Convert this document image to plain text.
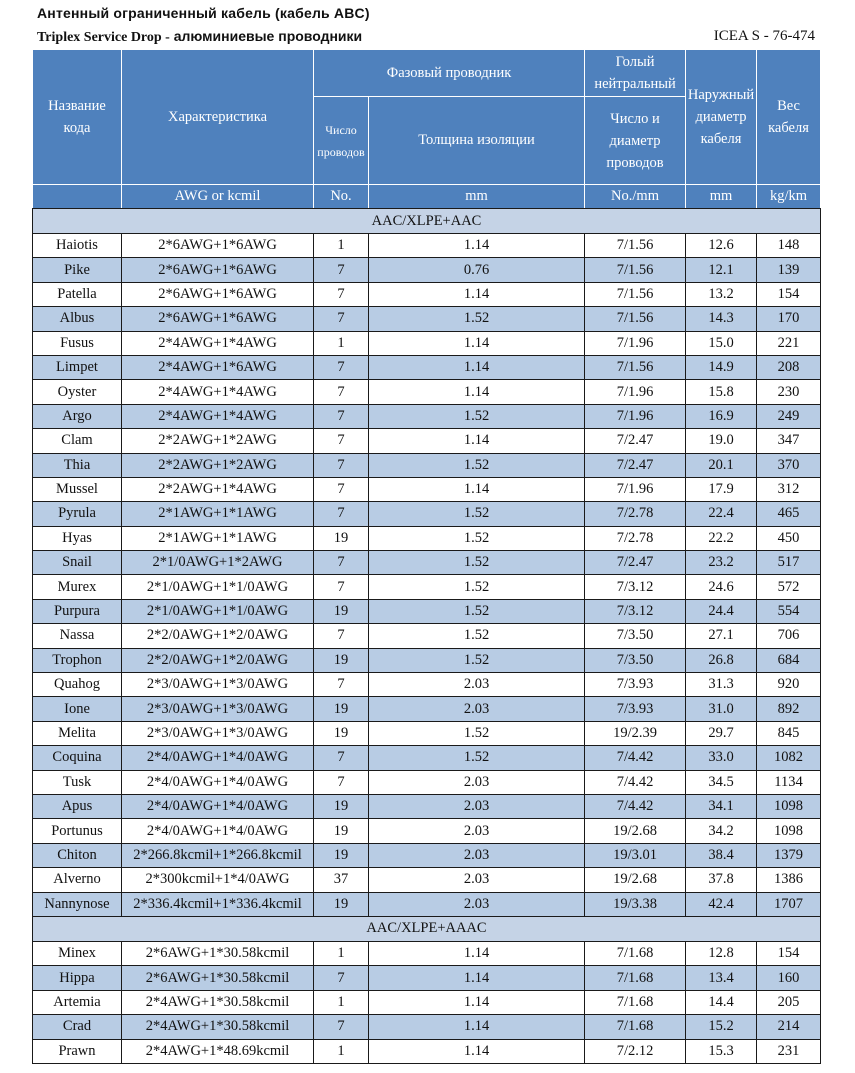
Антенный ограниченный кабель (кабель ABC)
Triplex Service Drop - алюминиевые проводники	ICEA S - 76-474
Название кода	Характеристика	Фазовый проводник		Голый нейтральный	Наружный диаметр кабеля	Вес кабеля
		Число проводов	Толщина изоляции	Число и диаметр проводов		
	AWG or kcmil	No.	mm	No./mm	mm	kg/km
AAC/XLPE+AAC						
Haiotis	2*6AWG+1*6AWG	1	1.14	7/1.56	12.6	148
Pike	2*6AWG+1*6AWG	7	0.76	7/1.56	12.1	139
Patella	2*6AWG+1*6AWG	7	1.14	7/1.56	13.2	154
Albus	2*6AWG+1*6AWG	7	1.52	7/1.56	14.3	170
Fusus	2*4AWG+1*4AWG	1	1.14	7/1.96	15.0	221
Limpet	2*4AWG+1*6AWG	7	1.14	7/1.56	14.9	208
Oyster	2*4AWG+1*4AWG	7	1.14	7/1.96	15.8	230
Argo	2*4AWG+1*4AWG	7	1.52	7/1.96	16.9	249
Clam	2*2AWG+1*2AWG	7	1.14	7/2.47	19.0	347
Thia	2*2AWG+1*2AWG	7	1.52	7/2.47	20.1	370
Mussel	2*2AWG+1*4AWG	7	1.14	7/1.96	17.9	312
Pyrula	2*1AWG+1*1AWG	7	1.52	7/2.78	22.4	465
Hyas	2*1AWG+1*1AWG	19	1.52	7/2.78	22.2	450
Snail	2*1/0AWG+1*2AWG	7	1.52	7/2.47	23.2	517
Murex	2*1/0AWG+1*1/0AWG	7	1.52	7/3.12	24.6	572
Purpura	2*1/0AWG+1*1/0AWG	19	1.52	7/3.12	24.4	554
Nassa	2*2/0AWG+1*2/0AWG	7	1.52	7/3.50	27.1	706
Trophon	2*2/0AWG+1*2/0AWG	19	1.52	7/3.50	26.8	684
Quahog	2*3/0AWG+1*3/0AWG	7	2.03	7/3.93	31.3	920
Ione	2*3/0AWG+1*3/0AWG	19	2.03	7/3.93	31.0	892
Melita	2*3/0AWG+1*3/0AWG	19	1.52	19/2.39	29.7	845
Coquina	2*4/0AWG+1*4/0AWG	7	1.52	7/4.42	33.0	1082
Tusk	2*4/0AWG+1*4/0AWG	7	2.03	7/4.42	34.5	1134
Apus	2*4/0AWG+1*4/0AWG	19	2.03	7/4.42	34.1	1098
Portunus	2*4/0AWG+1*4/0AWG	19	2.03	19/2.68	34.2	1098
Chiton	2*266.8kcmil+1*266.8kcmil	19	2.03	19/3.01	38.4	1379
Alverno	2*300kcmil+1*4/0AWG	37	2.03	19/2.68	37.8	1386
Nannynose	2*336.4kcmil+1*336.4kcmil	19	2.03	19/3.38	42.4	1707
AAC/XLPE+AAAC						
Minex	2*6AWG+1*30.58kcmil	1	1.14	7/1.68	12.8	154
Hippa	2*6AWG+1*30.58kcmil	7	1.14	7/1.68	13.4	160
Artemia	2*4AWG+1*30.58kcmil	1	1.14	7/1.68	14.4	205
Crad	2*4AWG+1*30.58kcmil	7	1.14	7/1.68	15.2	214
Prawn	2*4AWG+1*48.69kcmil	1	1.14	7/2.12	15.3	231
